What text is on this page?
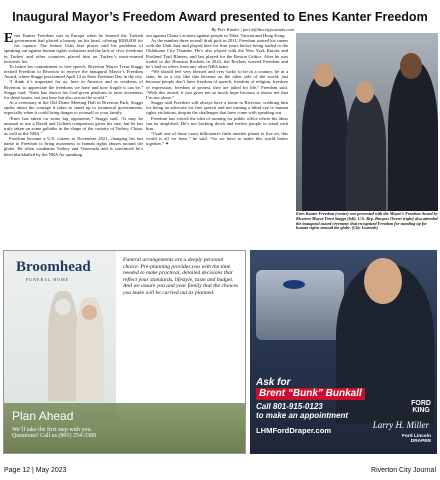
Inaugural Mayor’s Freedom Award presented to Enes Kanter Freedom
By Peri Kinder | peri.k@thecityjournals.com

Enes Kanter Freedom was in Europe when he learned the Turkish government had placed a bounty on his head, offering $500,000 for his capture. The former Utah Jazz player said his problems of speaking out against human rights violations and the lack of civic freedoms in Turkey and other countries placed him on Turkey’s most-wanted terrorists list.

To honor his commitment to free speech, Riverton Mayor Trent Staggs invited Freedom to Riverton to receive the inaugural Mayor’s Freedom Award, where Staggs proclaimed April 12 as Enes Freedom Day in the city.

“I think it’s important for us, here in America and as residents of Riverton, to appreciate the freedoms we have and how fragile it can be,” Staggs said. “Enes has shown his God-given platform to raise awareness for these issues, not just here but also across the world.”

At a ceremony at the Old Dome Meeting Hall in Riverton Park, Staggs spoke about the courage it takes to stand up to tyrannical governments, especially when it could bring danger to yourself or your family.

“Enes has taken on some big opponents,” Staggs said. “It may be unusual to use a David and Goliath comparison given his size, but he has truly taken on some goliaths in the shape of the country of Turkey, China, as well as the NBA.”

Freedom became a U.S. citizen in November 2021, changing his last name to Freedom to bring awareness to human rights abuses around the globe. He often condemns Turkey and Venezuela and is convinced he’s been blackballed by the NBA for speaking

out against China’s actions against people in Tibet, Taiwan and Hong Kong.

As the number three overall draft pick in 2011, Freedom started his career with the Utah Jazz and played here for four years before being traded to the Oklahoma City Thunder. He’s also played with the New York Knicks and Portland Trail Blazers, and last played for the Boston Celtics. After he was traded to the Houston Rockets in 2022, the Rockets waived Freedom and he’s had no offers from any other NBA team.

“We should feel very blessed and very lucky to be in a country, be in a state, be in a city like this because on the other side of the world, just because people don’t have freedom of speech, freedom of religion, freedom of expression, freedom of protest, they are jailed for life,” Freedom said. “With this award, it just gives me so much hope because it shows me that I’m not alone.”

Staggs said Freedom will always have a home in Riverton, crediting him for being an advocate for free speech and not turning a blind eye to human rights violations, despite the challenges that have come with speaking out.

Freedom has voiced the idea of running for public office where his ideas can be amplified. He’s not backing down and invites people to stand with him.

“Until one of those crazy billionaires finds another planet to live on, this world is all we have,” he said. “So we have to make this world better together.” ✦

Enes Kanter Freedom (center) was presented with the Mayor’s Freedom Award by Riverton Mayor Trent Staggs (left). U.S. Rep. Burgess Owens (right) also attended the inaugural award ceremony that recognized Freedom for standing up for human rights around the globe. (City Journals)
Broomhead
FUNERAL HOME
Funeral arrangements are a deeply personal choice. Pre-planning provides you with the time needed to make practical, detailed decisions that reflect your standards, lifestyle, taste and budget. And we assure you and your family that the choices you make will be carried out as planned.
Plan Ahead
We’ll take the first step with you.
Questions? Call us (801) 254-3389
Ask for
Brent “Bunk” Bunkall
Call 801-915-0123
to make an appointment
LHMFordDraper.com
FORD
KING
Larry H. Miller
Ford Lincoln
DRAPER
Page 12 | May 2023	Riverton City Journal
